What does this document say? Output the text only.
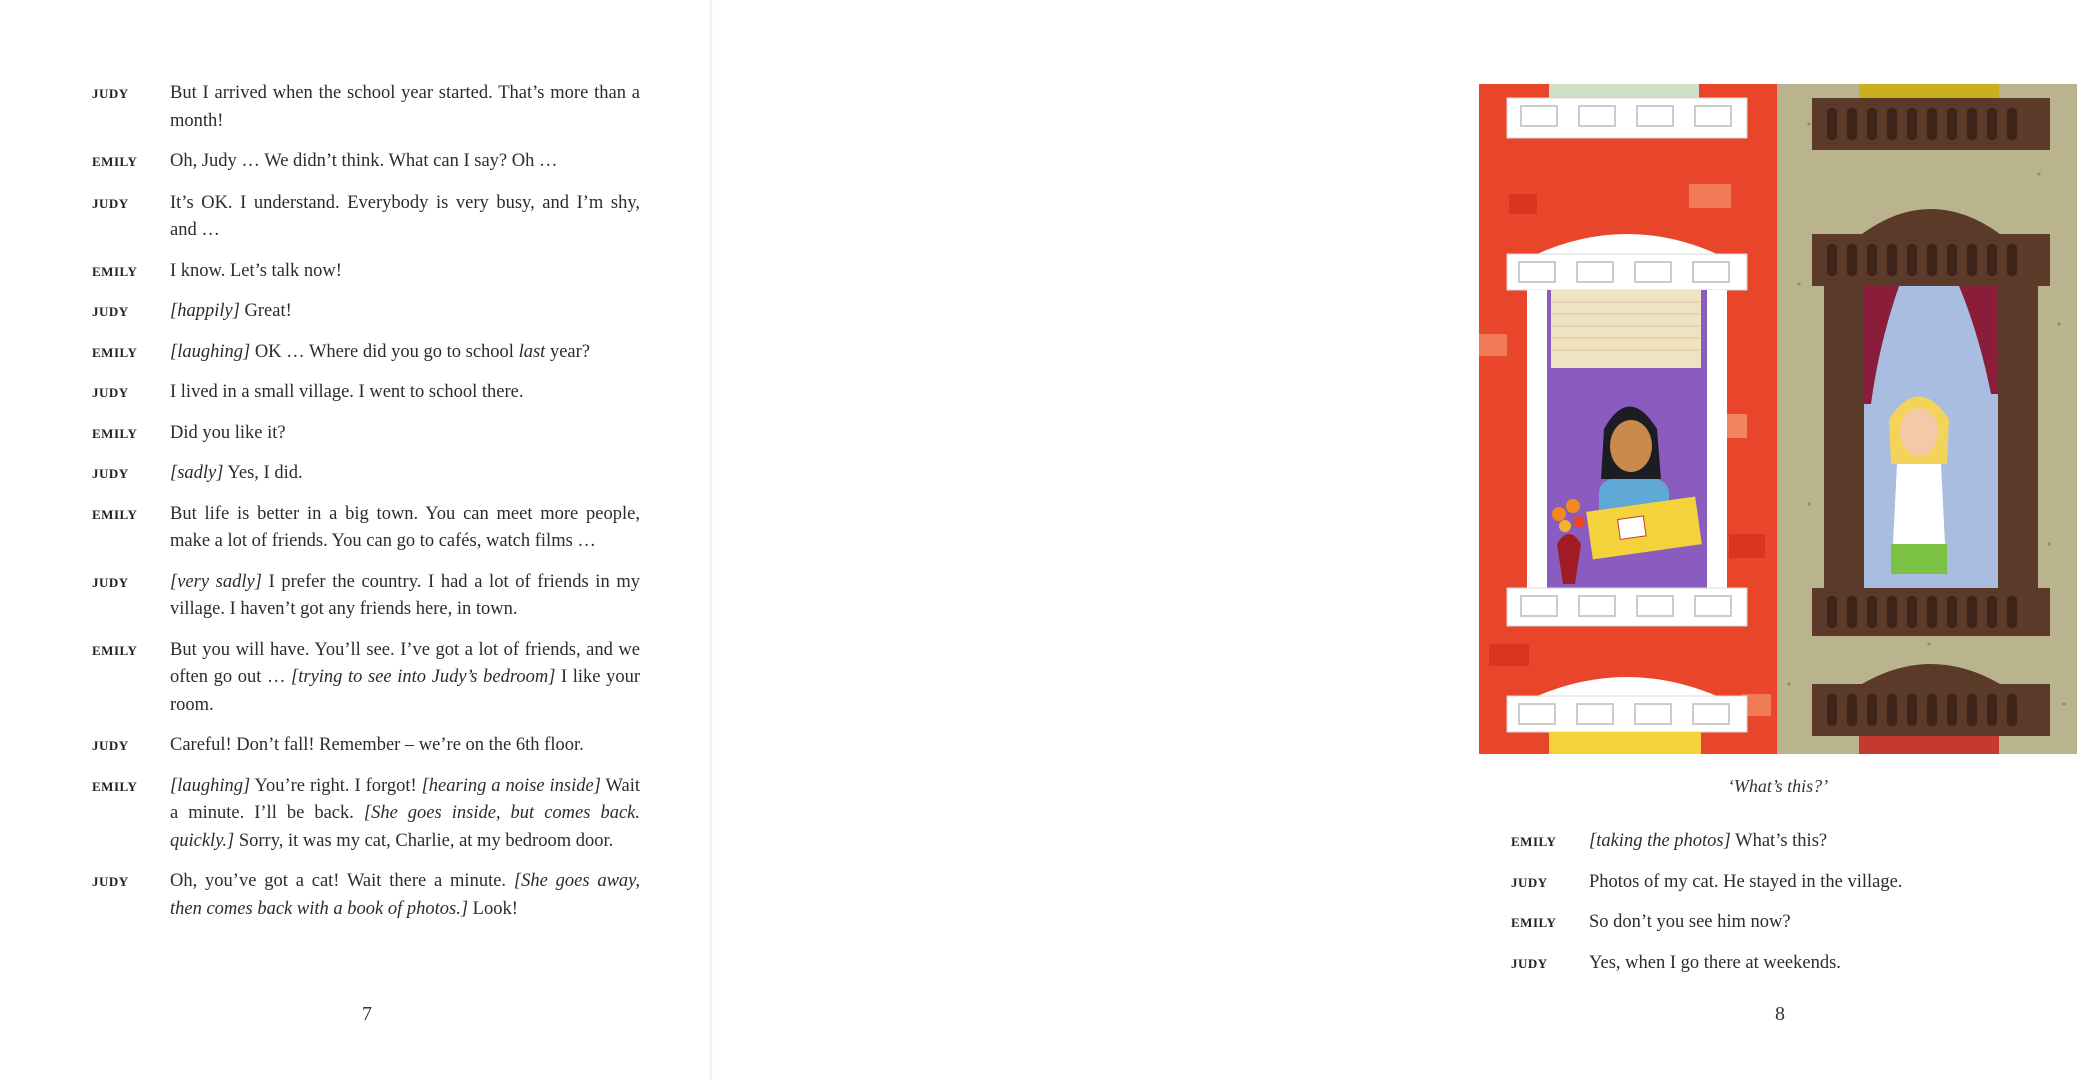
JUDY	But I arrived when the school year started. That’s more than a month!
EMILY	Oh, Judy … We didn’t think. What can I say? Oh …
JUDY	It’s OK. I understand. Everybody is very busy, and I’m shy, and …
EMILY	I know. Let’s talk now!
JUDY	[happily] Great!
EMILY	[laughing] OK … Where did you go to school last year?
JUDY	I lived in a small village. I went to school there.
EMILY	Did you like it?
JUDY	[sadly] Yes, I did.
EMILY	But life is better in a big town. You can meet more people, make a lot of friends. You can go to cafés, watch films …
JUDY	[very sadly] I prefer the country. I had a lot of friends in my village. I haven’t got any friends here, in town.
EMILY	But you will have. You’ll see. I’ve got a lot of friends, and we often go out … [trying to see into Judy’s bedroom] I like your room.
JUDY	Careful! Don’t fall! Remember – we’re on the 6th floor.
EMILY	[laughing] You’re right. I forgot! [hearing a noise inside] Wait a minute. I’ll be back. [She goes inside, but comes back. quickly.] Sorry, it was my cat, Charlie, at my bedroom door.
JUDY	Oh, you’ve got a cat! Wait there a minute. [She goes away, then comes back with a book of photos.] Look!
7
‘What’s this?’
EMILY	[taking the photos] What’s this?
JUDY	Photos of my cat. He stayed in the village.
EMILY	So don’t you see him now?
JUDY	Yes, when I go there at weekends.
8
